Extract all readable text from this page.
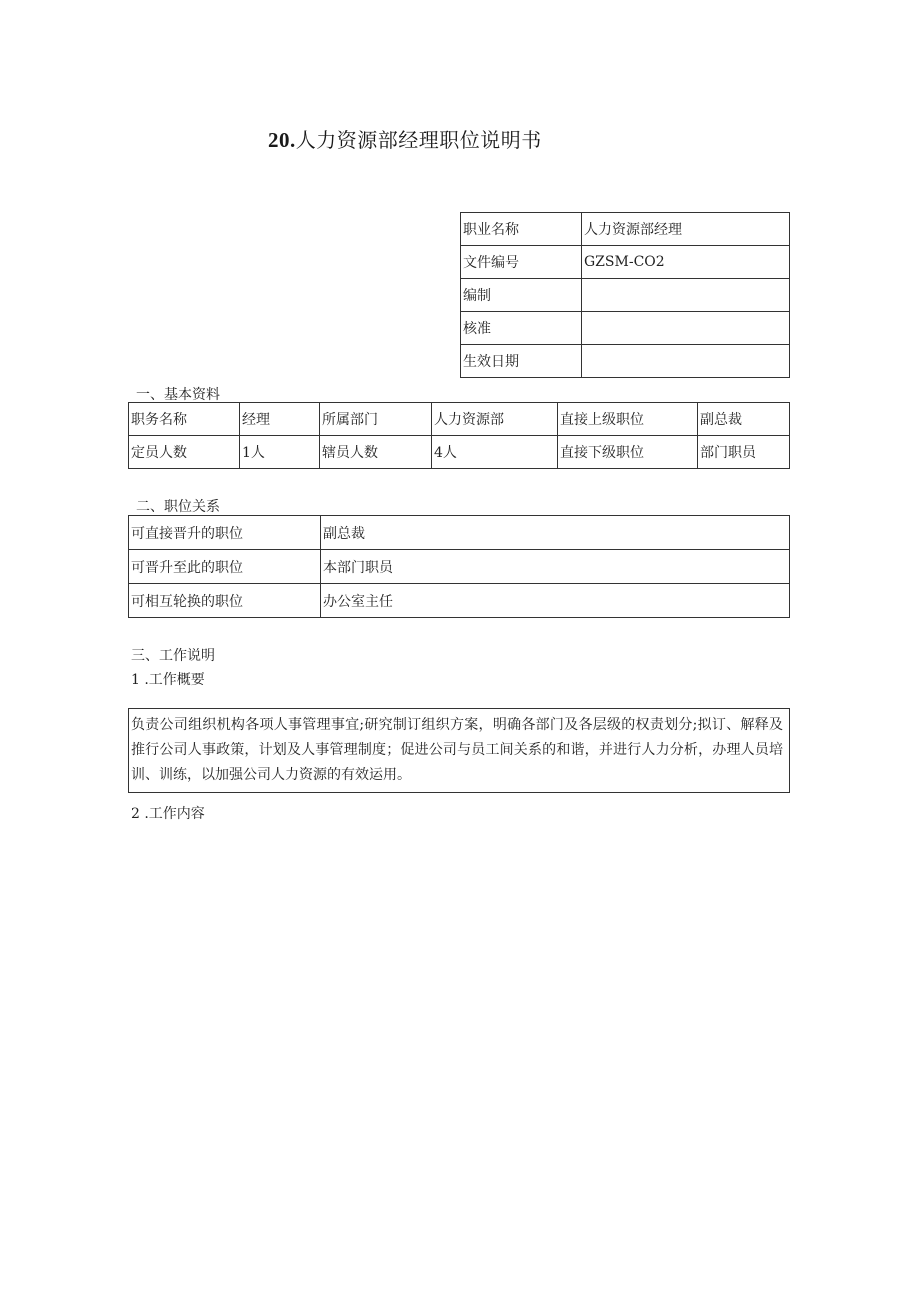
20.人力资源部经理职位说明书
职业名称	人力资源部经理
文件编号	GZSM-CO2
编制	
核准	
生效日期	
一、基本资料
职务名称	经理	所属部门	人力资源部	直接上级职位	副总裁
定员人数	1人	辖员人数	4人	直接下级职位	部门职员
二、职位关系
可直接晋升的职位	副总裁
可晋升至此的职位	本部门职员
可相互轮换的职位	办公室主任
三、工作说明
1 .工作概要
负责公司组织机构各项人事管理事宜;研究制订组织方案，明确各部门及各层级的权责划分;拟订、解释及推行公司人事政策，计划及人事管理制度；促进公司与员工间关系的和谐，并进行人力分析，办理人员培训、训练，以加强公司人力资源的有效运用。
2 .工作内容
